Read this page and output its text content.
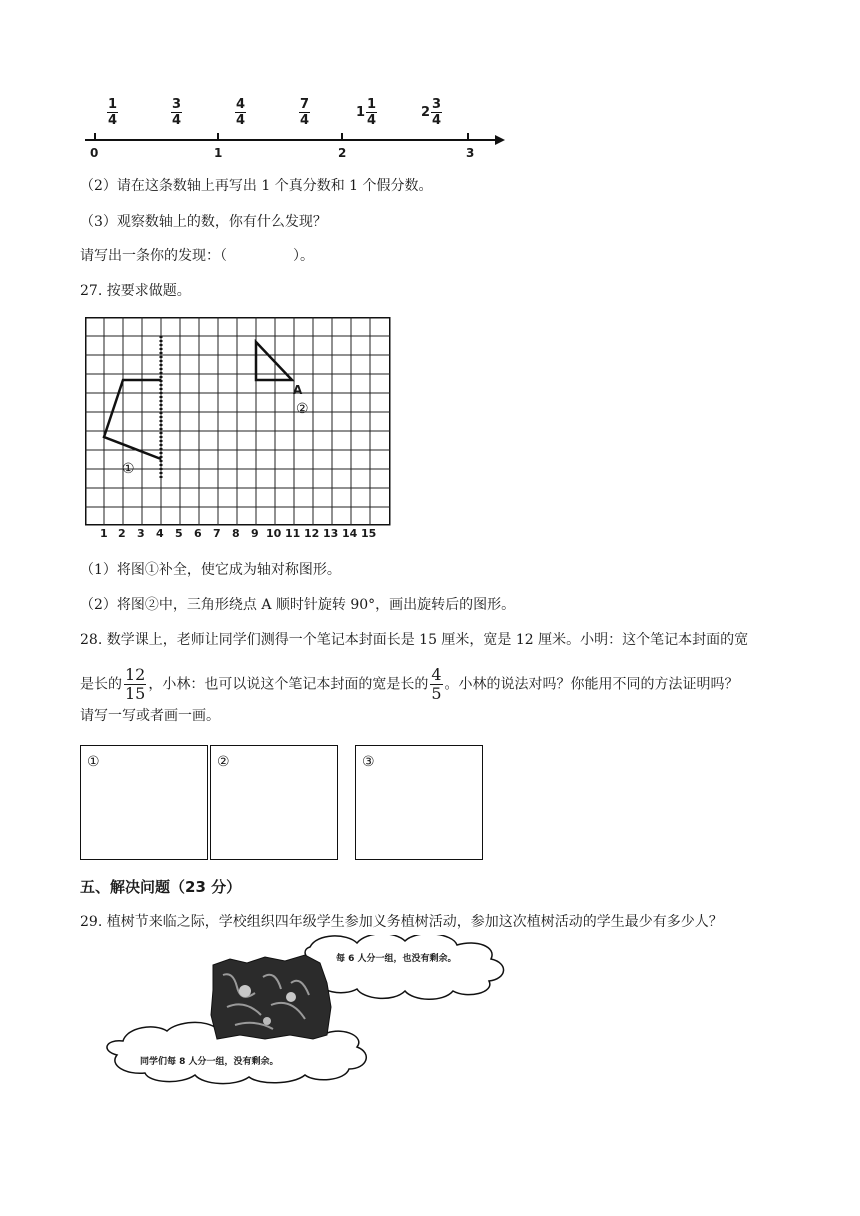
0	1	2	3
1
4
3
4
4
4
7
4
1
1
4
2
3
4
（2）请在这条数轴上再写出 1 个真分数和 1 个假分数。
（3）观察数轴上的数，你有什么发现？
请写出一条你的发现：（	）。
27. 按要求做题。
A
②
①
1 2 3 4 5 6 7 8 9 10 11 12 13 14 15
（1）将图①补全，使它成为轴对称图形。
（2）将图②中，三角形绕点 A 顺时针旋转 90°，画出旋转后的图形。
28. 数学课上，老师让同学们测得一个笔记本封面长是 15 厘米，宽是 12 厘米。小明：这个笔记本封面的宽
是长的 $\frac{12}{15}$ ，小林：也可以说这个笔记本封面的宽是长的 $\frac{4}{5}$ 。小林的说法对吗？你能用不同的方法证明吗？
请写一写或者画一画。
①	②	③
五、解决问题（23 分）
29. 植树节来临之际，学校组织四年级学生参加义务植树活动，参加这次植树活动的学生最少有多少人？
每 6 人分一组，也没有剩余。
同学们每 8 人分一组，没有剩余。
